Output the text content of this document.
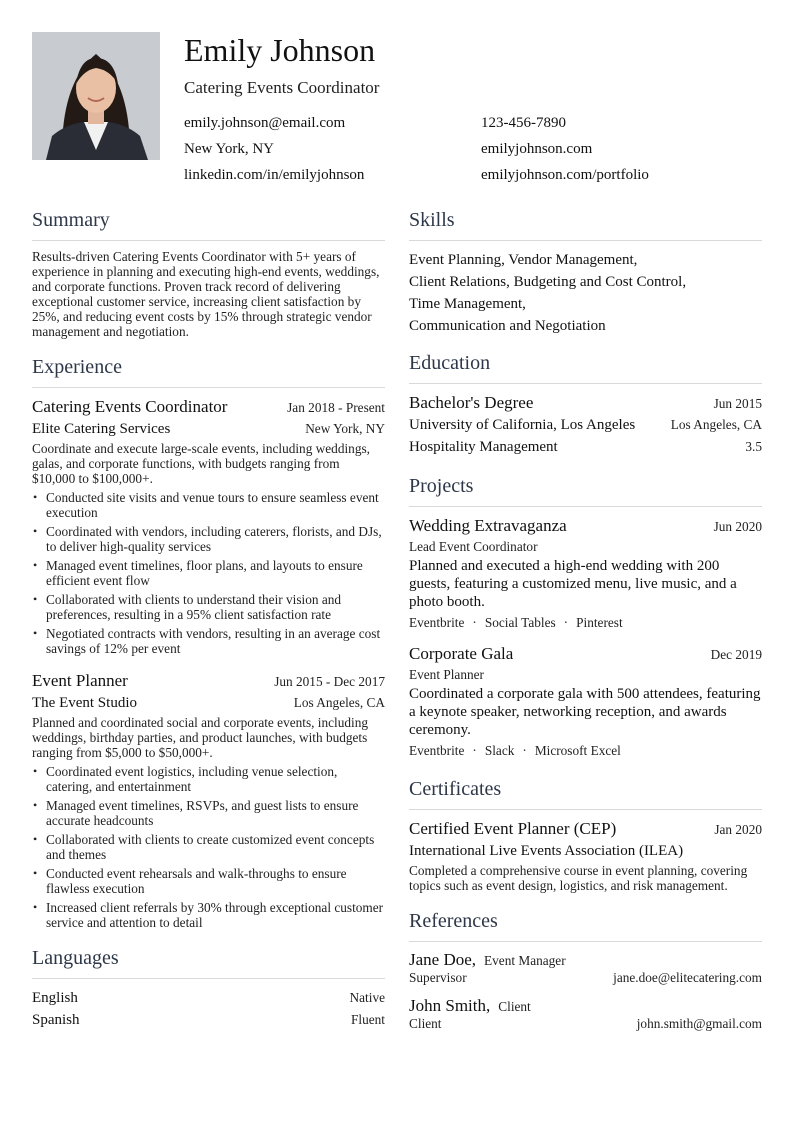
Emily Johnson
Catering Events Coordinator
emily.johnson@email.com	123-456-7890
New York, NY	emilyjohnson.com
linkedin.com/in/emilyjohnson	emilyjohnson.com/portfolio
Summary
Results-driven Catering Events Coordinator with 5+ years of experience in planning and executing high-end events, weddings, and corporate functions. Proven track record of delivering exceptional customer service, increasing client satisfaction by 25%, and reducing event costs by 15% through strategic vendor management and negotiation.
Experience
Catering Events Coordinator	Jan 2018 - Present
Elite Catering Services	New York, NY
Coordinate and execute large-scale events, including weddings, galas, and corporate functions, with budgets ranging from $10,000 to $100,000+.
• Conducted site visits and venue tours to ensure seamless event execution
• Coordinated with vendors, including caterers, florists, and DJs, to deliver high-quality services
• Managed event timelines, floor plans, and layouts to ensure efficient event flow
• Collaborated with clients to understand their vision and preferences, resulting in a 95% client satisfaction rate
• Negotiated contracts with vendors, resulting in an average cost savings of 12% per event
Event Planner	Jun 2015 - Dec 2017
The Event Studio	Los Angeles, CA
Planned and coordinated social and corporate events, including weddings, birthday parties, and product launches, with budgets ranging from $5,000 to $50,000+.
• Coordinated event logistics, including venue selection, catering, and entertainment
• Managed event timelines, RSVPs, and guest lists to ensure accurate headcounts
• Collaborated with clients to create customized event concepts and themes
• Conducted event rehearsals and walk-throughs to ensure flawless execution
• Increased client referrals by 30% through exceptional customer service and attention to detail
Languages
English	Native
Spanish	Fluent
Skills
Event Planning, Vendor Management,
Client Relations, Budgeting and Cost Control,
Time Management,
Communication and Negotiation
Education
Bachelor's Degree	Jun 2015
University of California, Los Angeles	Los Angeles, CA
Hospitality Management	3.5
Projects
Wedding Extravaganza	Jun 2020
Lead Event Coordinator
Planned and executed a high-end wedding with 200 guests, featuring a customized menu, live music, and a photo booth.
Eventbrite · Social Tables · Pinterest
Corporate Gala	Dec 2019
Event Planner
Coordinated a corporate gala with 500 attendees, featuring a keynote speaker, networking reception, and awards ceremony.
Eventbrite · Slack · Microsoft Excel
Certificates
Certified Event Planner (CEP)	Jan 2020
International Live Events Association (ILEA)
Completed a comprehensive course in event planning, covering topics such as event design, logistics, and risk management.
References
Jane Doe, Event Manager
Supervisor	jane.doe@elitecatering.com
John Smith, Client
Client	john.smith@gmail.com
